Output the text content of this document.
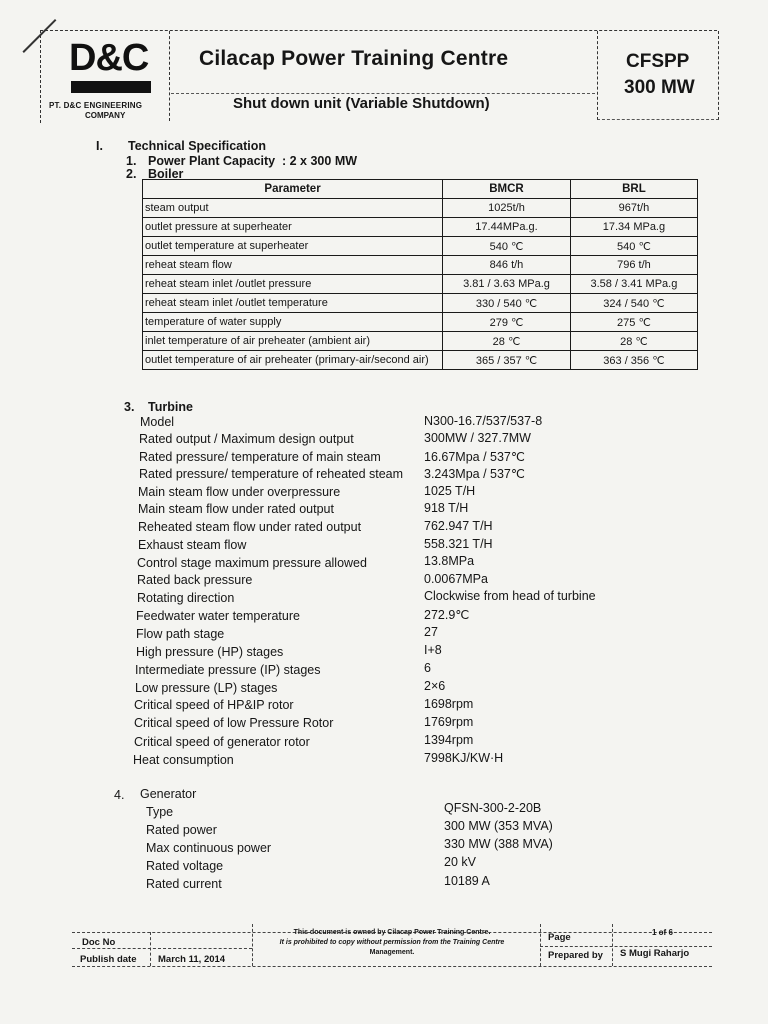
D&C
PT. D&C ENGINEERING
COMPANY
Cilacap Power Training Centre
Shut down unit (Variable Shutdown)
CFSPP
300 MW
I. Technical Specification
1. Power Plant Capacity : 2 x 300 MW
2. Boiler
Parameter	BMCR	BRL
steam output	1025t/h	967t/h
outlet pressure at superheater	17.44MPa.g.	17.34 MPa.g
outlet temperature at superheater	540 ℃	540 ℃
reheat steam flow	846 t/h	796 t/h
reheat steam inlet /outlet pressure	3.81 / 3.63 MPa.g	3.58 / 3.41 MPa.g
reheat steam inlet /outlet temperature	330 / 540 ℃	324 / 540 ℃
temperature of water supply	279 ℃	275 ℃
inlet temperature of air preheater (ambient air)	28 ℃	28 ℃
outlet temperature of air preheater (primary-air/second air)	365 / 357 ℃	363 / 356 ℃
3. Turbine
Model	N300-16.7/537/537-8
Rated output / Maximum design output	300MW / 327.7MW
Rated pressure/ temperature of main steam	16.67Mpa / 537℃
Rated pressure/ temperature of reheated steam 3.243Mpa / 537℃
Main steam flow under overpressure	1025 T/H
Main steam flow under rated output	918 T/H
Reheated steam flow under rated output	762.947 T/H
Exhaust steam flow	558.321 T/H
Control stage maximum pressure allowed	13.8MPa
Rated back pressure	0.0067MPa
Rotating direction	Clockwise from head of turbine
Feedwater water temperature	272.9℃
Flow path stage	27
High pressure (HP) stages	I+8
Intermediate pressure (IP) stages	6
Low pressure (LP) stages	2×6
Critical speed of HP&IP rotor	1698rpm
Critical speed of low Pressure Rotor	1769rpm
Critical speed of generator rotor	1394rpm
Heat consumption	7998KJ/KW·H
4. Generator
Type	QFSN-300-2-20B
Rated power	300 MW (353 MVA)
Max continuous power	330 MW (388 MVA)
Rated voltage	20 kV
Rated current	10189 A
Doc No
Publish date March 11, 2014
This document is owned by Cilacap Power Training Centre.
It is prohibited to copy without permission from the Training Centre
Management.
Page	1 of 6
Prepared by S Mugi Raharjo
